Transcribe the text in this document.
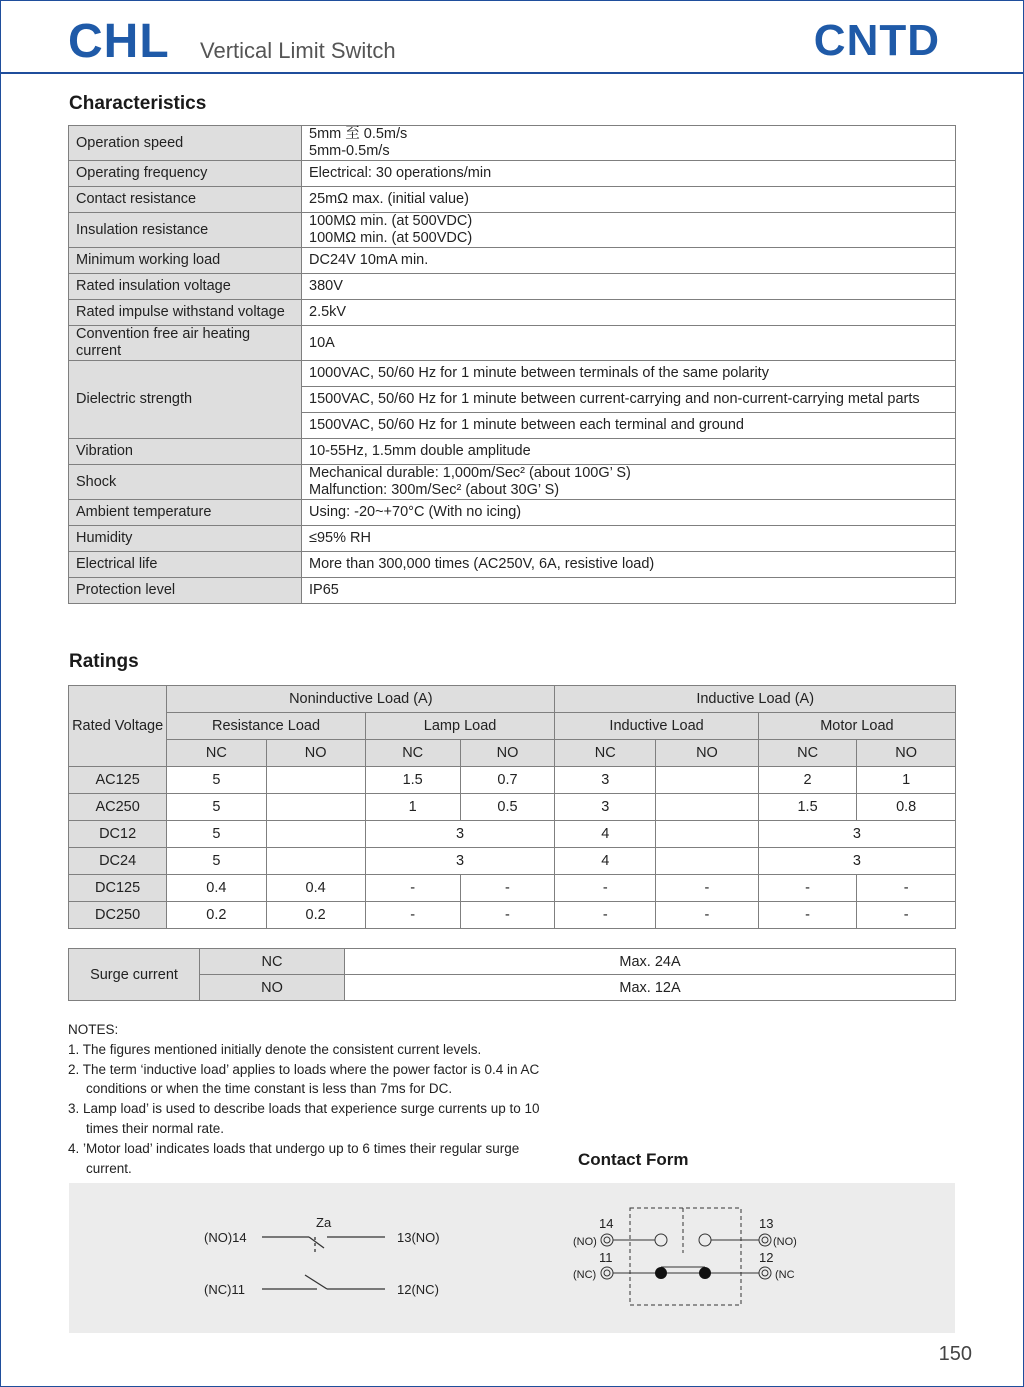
CHL Vertical Limit Switch	CNTD
Characteristics
Operation speed	5mm 至 0.5m/s
5mm-0.5m/s

Operating frequency	Electrical: 30 operations/min

Contact resistance	25mΩ max. (initial value)

Insulation resistance	100MΩ min. (at 500VDC)
100MΩ min. (at 500VDC)

Minimum working load	DC24V 10mA min.

Rated insulation voltage	380V

Rated impulse withstand voltage	2.5kV

Convention free air heating current	10A

Dielectric strength	1000VAC, 50/60 Hz for 1 minute between terminals of the same polarity
	1500VAC, 50/60 Hz for 1 minute between current-carrying and non-current-carrying metal parts
	1500VAC, 50/60 Hz for 1 minute between each terminal and ground
Vibration	10-55Hz, 1.5mm double amplitude

Shock	Mechanical durable: 1,000m/Sec² (about 100G’ S)
Malfunction: 300m/Sec² (about 30G’ S)

Ambient temperature	Using: -20~+70°C (With no icing)

Humidity	≤95% RH

Electrical life	More than 300,000 times (AC250V, 6A, resistive load)

Protection level	IP65
Ratings
Rated Voltage	Noninductive Load (A)				Inductive Load (A)			
	Resistance Load		Lamp Load		Inductive Load		Motor Load	
	NC	NO	NC	NO	NC	NO	NC	NO
AC125	5		1.5	0.7	3		2	1
AC250	5		1	0.5	3		1.5	0.8
DC12	5		3		4		3	
DC24	5		3		4		3	
DC125	0.4	0.4	-	-	-	-	-	-
DC250	0.2	0.2	-	-	-	-	-	-
Surge current	NC	Max. 24A
	NO	Max. 12A
NOTES:
1. The figures mentioned initially denote the consistent current levels.
2. The term ‘inductive load’ applies to loads where the power factor is 0.4 in AC conditions or when the time constant is less than 7ms for DC.
3. Lamp load’ is used to describe loads that experience surge currents up to 10 times their normal rate.
4. ’Motor load’ indicates loads that undergo up to 6 times their regular surge current.	Contact Form
Za
(NO)14	13(NO)
(NC)11	12(NC)
14	13
11	12
(NO)	(NO)
(NC)	(NC
150
